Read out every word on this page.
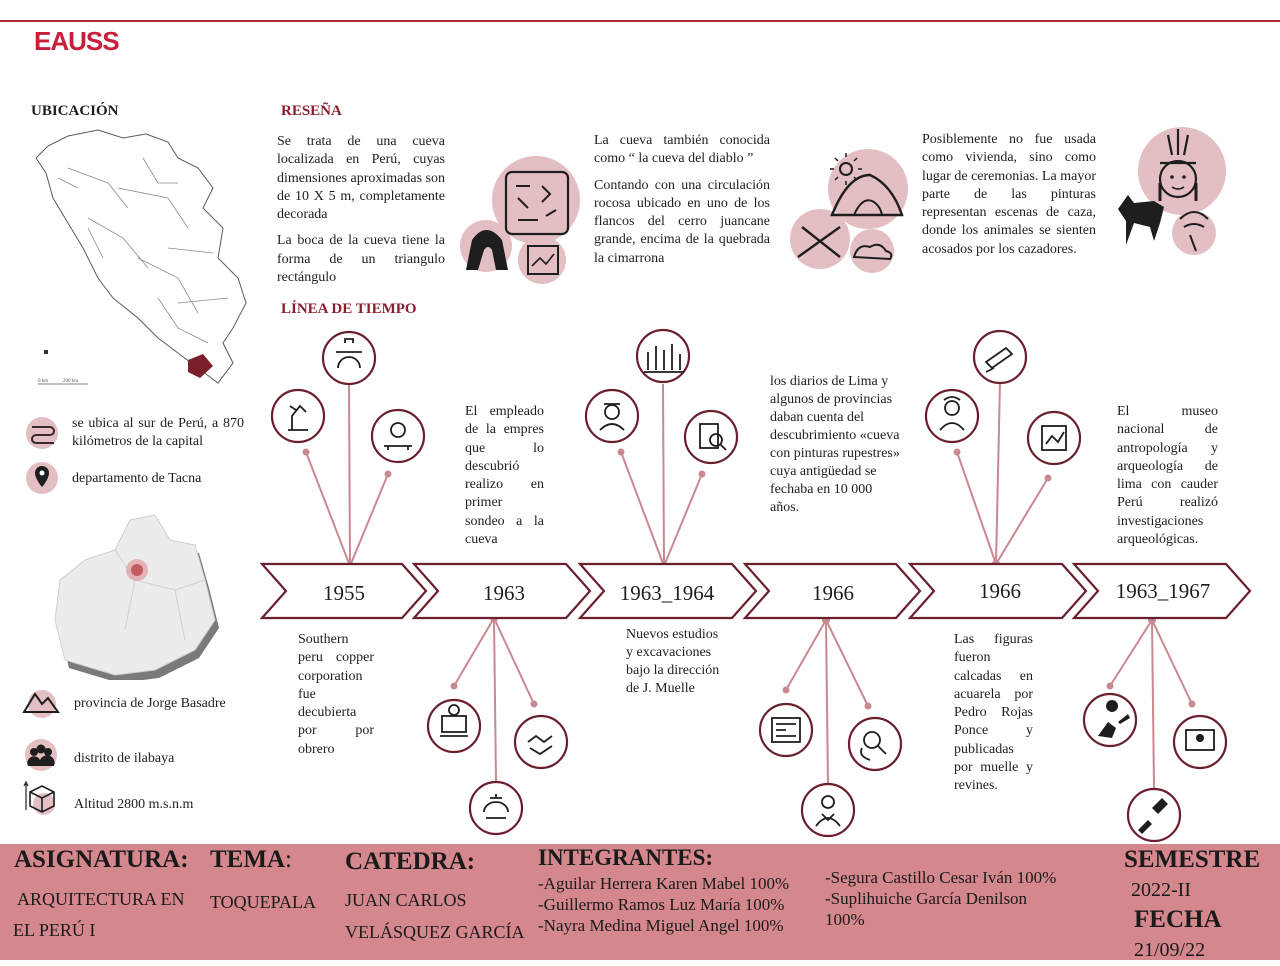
EAUSS
UBICACIÓN
0 km	200 km
se ubica al sur de Perú, a 870 kilómetros de la capital
departamento de Tacna
provincia de Jorge Basadre
distrito de ilabaya
Altitud 2800 m.s.n.m
RESEÑA

Se trata de una cueva localizada en Perú, cuyas dimensiones aproximadas son de 10 X 5 m, completamente decorada

La boca de la cueva tiene la forma de un triangulo rectángulo

La cueva también conocida como “ la cueva del diablo ”

Contando con una circulación rocosa ubicado en uno de los flancos del cerro juancane grande, encima de la quebrada la cimarrona

Posiblemente no fue usada como vivienda, sino como lugar de ceremonias. La mayor parte de las pinturas representan escenas de caza, donde los animales se sienten acosados por los cazadores.

LÍNEA DE TIEMPO
1955	1963	1963_1964	1966	1966	1963_1967
El empleado de la empres que lo descubrió realizo en primer sondeo a la cueva
los diarios de Lima y algunos de provincias daban cuenta del descubrimiento «cueva con pinturas rupestres» cuya antigüedad se fechaba en 10 000 años.
El museo nacional de antropología y arqueología de lima con cauder Perú realizó investigaciones arqueológicas.
Southern peru copper corporation fue decubierta por por obrero
Nuevos estudios y excavaciones bajo la dirección de J. Muelle
Las figuras fueron calcadas en acuarela por Pedro Rojas Ponce y publicadas por muelle y revines.
ASIGNATURA:
ARQUITECTURA EN
EL PERÚ I
TEMA:
TOQUEPALA
CATEDRA:
JUAN CARLOS
VELÁSQUEZ GARCÍA
INTEGRANTES:
-Aguilar Herrera Karen Mabel 100%
-Guillermo Ramos Luz María 100%
-Nayra Medina Miguel Angel 100%
-Segura Castillo Cesar Iván 100%
-Suplihuiche García Denilson
100%
SEMESTRE
2022-II
FECHA
21/09/22
